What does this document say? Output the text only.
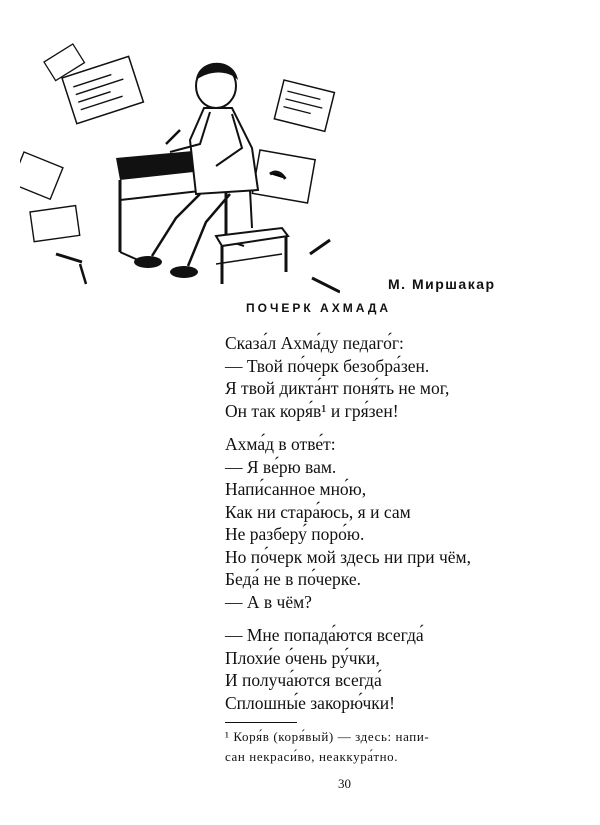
М. Миршакар
ПОЧЕРК АХМАДА
Сказа́л Ахма́ду педаго́г:
— Твой по́черк безобра́зен.
Я твой дикта́нт поня́ть не мог,
Он так коря́в¹ и гря́зен!
Ахма́д в отве́т:
— Я ве́рю вам.
Напи́санное мно́ю,
Как ни стара́юсь, я и сам
Не разберу́ поро́ю.
Но по́черк мой здесь ни при чём,
Беда́ не в по́черке.
— А в чём?
— Мне попада́ются всегда́
Плохи́е о́чень ру́чки,
И получа́ются всегда́
Сплошны́е закорю́чки!
¹ Коря́в (коря́вый) — здесь: напи-
сан некраси́во, неаккура́тно.
30
